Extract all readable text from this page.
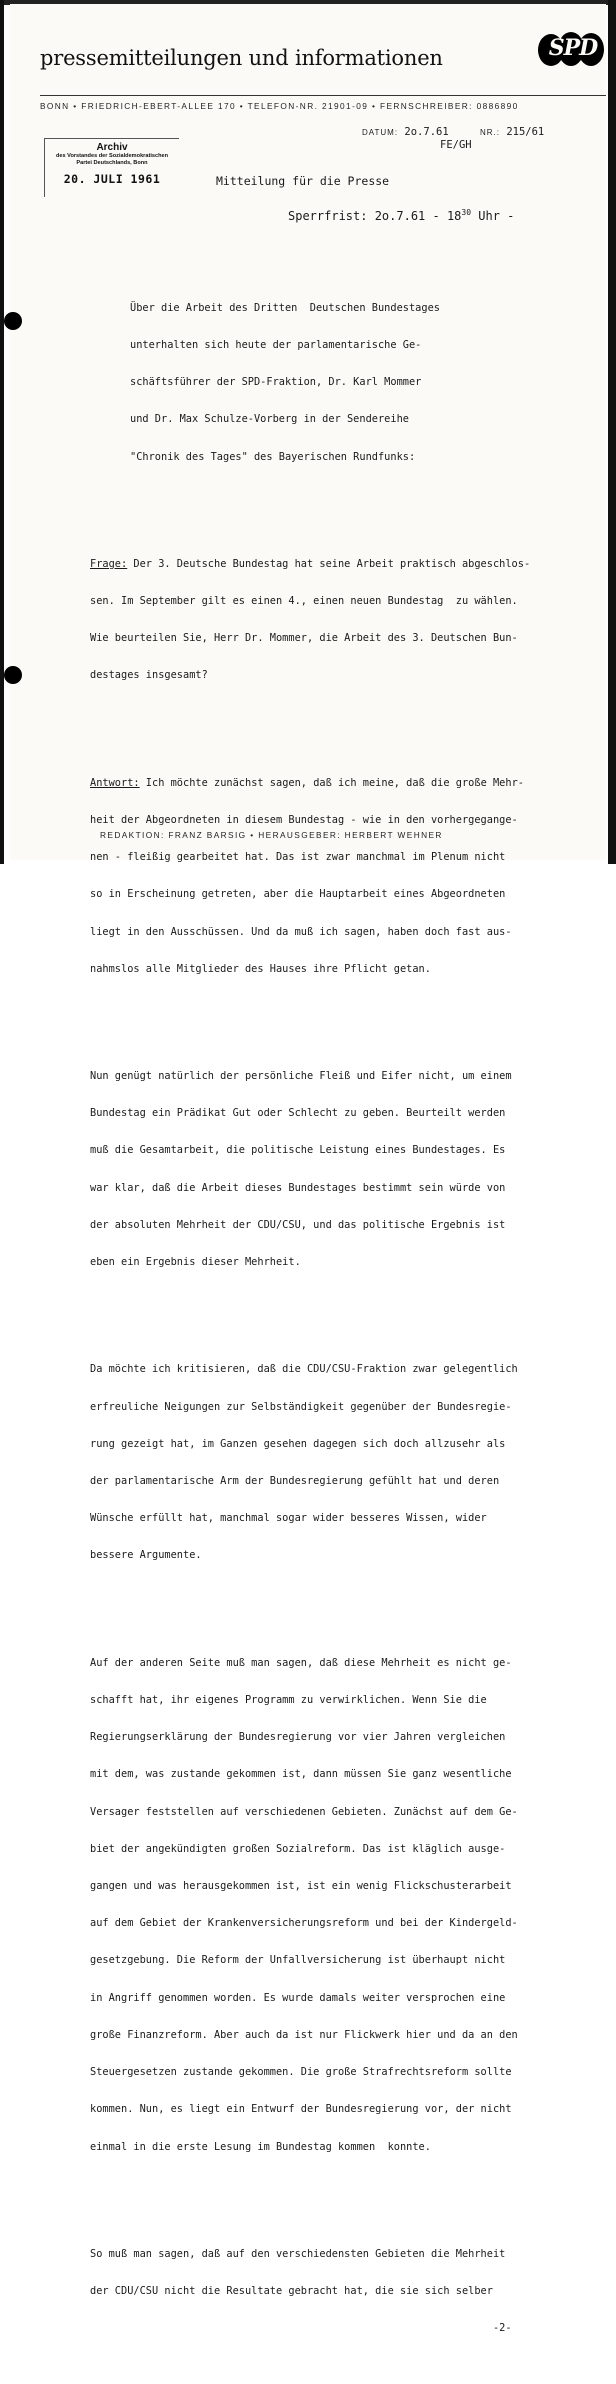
pressemitteilungen und informationen	SPD
BONN • FRIEDRICH-EBERT-ALLEE 170 • TELEFON-NR. 21901-09 • FERNSCHREIBER: 0886890
Archiv
des Vorstandes der Sozialdemokratischen
Partei Deutschlands, Bonn
20. JULI 1961
DATUM: 2o.7.61
FE/GH
NR.: 215/61
Mitteilung für die Presse
Sperrfrist: $2o.7.61 - 18^{30}$ Uhr -

Über die Arbeit des Dritten  Deutschen Bundestages

unterhalten sich heute der parlamentarische Ge-

schäftsführer der SPD-Fraktion, Dr. Karl Mommer

und Dr. Max Schulze-Vorberg in der Sendereihe

"Chronik des Tages" des Bayerischen Rundfunks:

Frage: Der 3. Deutsche Bundestag hat seine Arbeit praktisch abgeschlos-

sen. Im September gilt es einen 4., einen neuen Bundestag  zu wählen.

Wie beurteilen Sie, Herr Dr. Mommer, die Arbeit des 3. Deutschen Bun-

destages insgesamt?

Antwort: Ich möchte zunächst sagen, daß ich meine, daß die große Mehr-

heit der Abgeordneten in diesem Bundestag - wie in den vorhergegange-

nen - fleißig gearbeitet hat. Das ist zwar manchmal im Plenum nicht

so in Erscheinung getreten, aber die Hauptarbeit eines Abgeordneten

liegt in den Ausschüssen. Und da muß ich sagen, haben doch fast aus-

nahmslos alle Mitglieder des Hauses ihre Pflicht getan.

Nun genügt natürlich der persönliche Fleiß und Eifer nicht, um einem

Bundestag ein Prädikat Gut oder Schlecht zu geben. Beurteilt werden

muß die Gesamtarbeit, die politische Leistung eines Bundestages. Es

war klar, daß die Arbeit dieses Bundestages bestimmt sein würde von

der absoluten Mehrheit der CDU/CSU, und das politische Ergebnis ist

eben ein Ergebnis dieser Mehrheit.

Da möchte ich kritisieren, daß die CDU/CSU-Fraktion zwar gelegentlich

erfreuliche Neigungen zur Selbständigkeit gegenüber der Bundesregie-

rung gezeigt hat, im Ganzen gesehen dagegen sich doch allzusehr als

der parlamentarische Arm der Bundesregierung gefühlt hat und deren

Wünsche erfüllt hat, manchmal sogar wider besseres Wissen, wider

bessere Argumente.

Auf der anderen Seite muß man sagen, daß diese Mehrheit es nicht ge-

schafft hat, ihr eigenes Programm zu verwirklichen. Wenn Sie die

Regierungserklärung der Bundesregierung vor vier Jahren vergleichen

mit dem, was zustande gekommen ist, dann müssen Sie ganz wesentliche

Versager feststellen auf verschiedenen Gebieten. Zunächst auf dem Ge-

biet der angekündigten großen Sozialreform. Das ist kläglich ausge-

gangen und was herausgekommen ist, ist ein wenig Flickschusterarbeit

auf dem Gebiet der Krankenversicherungsreform und bei der Kindergeld-

gesetzgebung. Die Reform der Unfallversicherung ist überhaupt nicht

in Angriff genommen worden. Es wurde damals weiter versprochen eine

große Finanzreform. Aber auch da ist nur Flickwerk hier und da an den

Steuergesetzen zustande gekommen. Die große Strafrechtsreform sollte

kommen. Nun, es liegt ein Entwurf der Bundesregierung vor, der nicht

einmal in die erste Lesung im Bundestag kommen  konnte.

So muß man sagen, daß auf den verschiedensten Gebieten die Mehrheit

der CDU/CSU nicht die Resultate gebracht hat, die sie sich selber

-2-

REDAKTION: FRANZ BARSIG • HERAUSGEBER: HERBERT WEHNER
